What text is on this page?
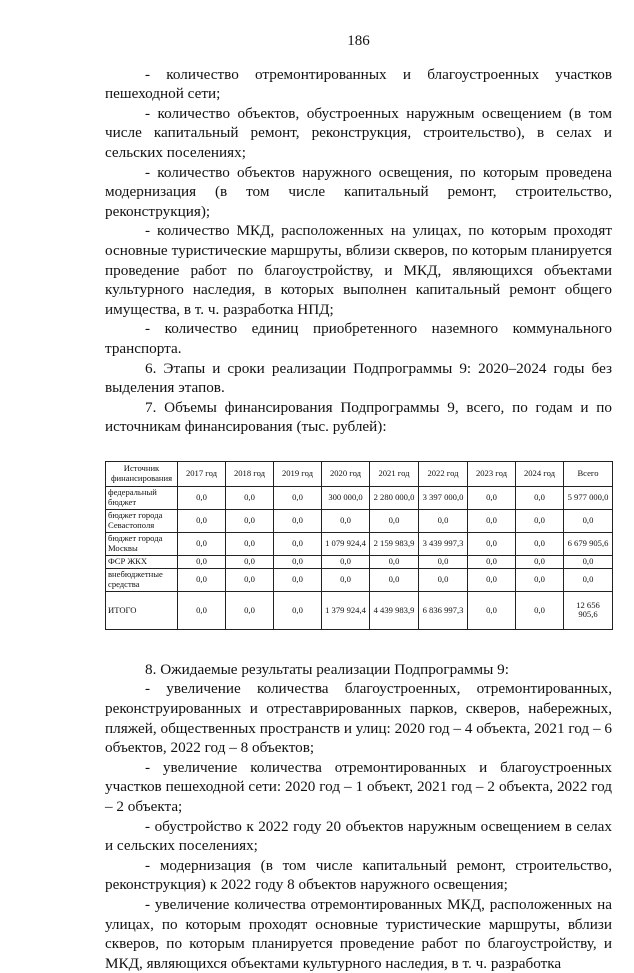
186

- количество отремонтированных и благоустроенных участков пешеходной сети;

- количество объектов, обустроенных наружным освещением (в том числе капитальный ремонт, реконструкция, строительство), в селах и сельских поселениях;

- количество объектов наружного освещения, по которым проведена модернизация (в том числе капитальный ремонт, строительство, реконструкция);

- количество МКД, расположенных на улицах, по которым проходят основные туристические маршруты, вблизи скверов, по которым планируется проведение работ по благоустройству, и МКД, являющихся объектами культурного наследия, в которых выполнен капитальный ремонт общего имущества, в т. ч. разработка НПД;

- количество единиц приобретенного наземного коммунального транспорта.

6. Этапы и сроки реализации Подпрограммы 9: 2020–2024 годы без выделения этапов.

7. Объемы финансирования Подпрограммы 9, всего, по годам и по источникам финансирования (тыс. рублей):

Источник финансирования	2017 год	2018 год	2019 год	2020 год	2021 год	2022 год	2023 год	2024 год	Всего
федеральный бюджет	0,0	0,0	0,0	300 000,0	2 280 000,0	3 397 000,0	0,0	0,0	5 977 000,0
бюджет города Севастополя	0,0	0,0	0,0	0,0	0,0	0,0	0,0	0,0	0,0
бюджет города Москвы	0,0	0,0	0,0	1 079 924,4	2 159 983,9	3 439 997,3	0,0	0,0	6 679 905,6
ФСР ЖКХ	0,0	0,0	0,0	0,0	0,0	0,0	0,0	0,0	0,0
внебюджетные средства	0,0	0,0	0,0	0,0	0,0	0,0	0,0	0,0	0,0
ИТОГО	0,0	0,0	0,0	1 379 924,4	4 439 983,9	6 836 997,3	0,0	0,0	12 656 905,6

8. Ожидаемые результаты реализации Подпрограммы 9:

- увеличение количества благоустроенных, отремонтированных, реконструированных и отреставрированных парков, скверов, набережных, пляжей, общественных пространств и улиц: 2020 год – 4 объекта, 2021 год – 6 объектов, 2022 год – 8 объектов;

- увеличение количества отремонтированных и благоустроенных участков пешеходной сети: 2020 год – 1 объект, 2021 год – 2 объекта, 2022 год – 2 объекта;

- обустройство к 2022 году 20 объектов наружным освещением в селах и сельских поселениях;

- модернизация (в том числе капитальный ремонт, строительство, реконструкция) к 2022 году 8 объектов наружного освещения;

- увеличение количества отремонтированных МКД, расположенных на улицах, по которым проходят основные туристические маршруты, вблизи скверов, по которым планируется проведение работ по благоустройству, и МКД, являющихся объектами культурного наследия, в т. ч. разработка
